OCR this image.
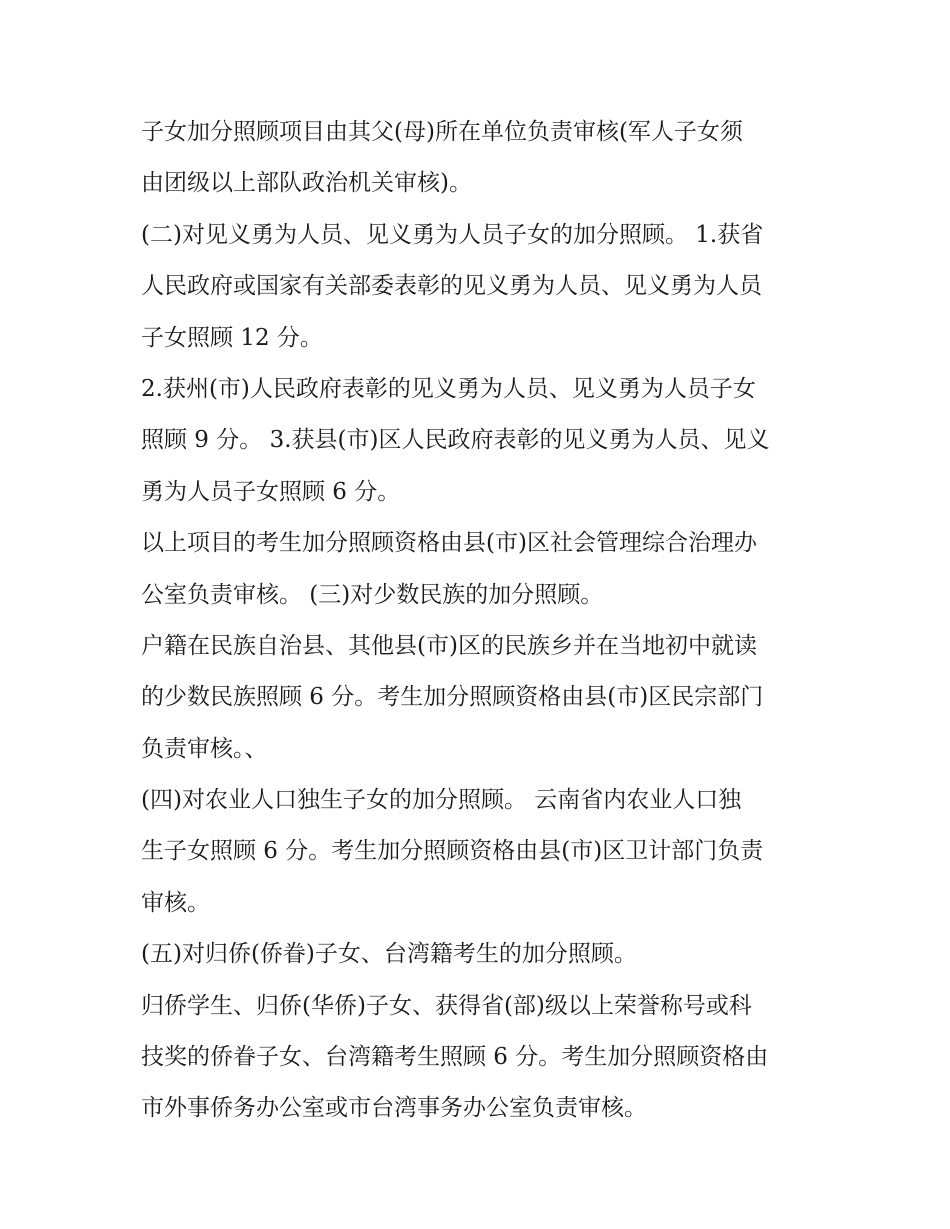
子女加分照顾项目由其父(母)所在单位负责审核(军人子女须
由团级以上部队政治机关审核)。
(二)对见义勇为人员、见义勇为人员子女的加分照顾。 1.获省
人民政府或国家有关部委表彰的见义勇为人员、见义勇为人员
子女照顾 12 分。
2.获州(市)人民政府表彰的见义勇为人员、见义勇为人员子女
照顾 9 分。 3.获县(市)区人民政府表彰的见义勇为人员、见义
勇为人员子女照顾 6 分。
以上项目的考生加分照顾资格由县(市)区社会管理综合治理办
公室负责审核。 (三)对少数民族的加分照顾。
户籍在民族自治县、其他县(市)区的民族乡并在当地初中就读
的少数民族照顾 6 分。考生加分照顾资格由县(市)区民宗部门
负责审核。、
(四)对农业人口独生子女的加分照顾。 云南省内农业人口独
生子女照顾 6 分。考生加分照顾资格由县(市)区卫计部门负责
审核。
(五)对归侨(侨眷)子女、台湾籍考生的加分照顾。
归侨学生、归侨(华侨)子女、获得省(部)级以上荣誉称号或科
技奖的侨眷子女、台湾籍考生照顾 6 分。考生加分照顾资格由
市外事侨务办公室或市台湾事务办公室负责审核。
